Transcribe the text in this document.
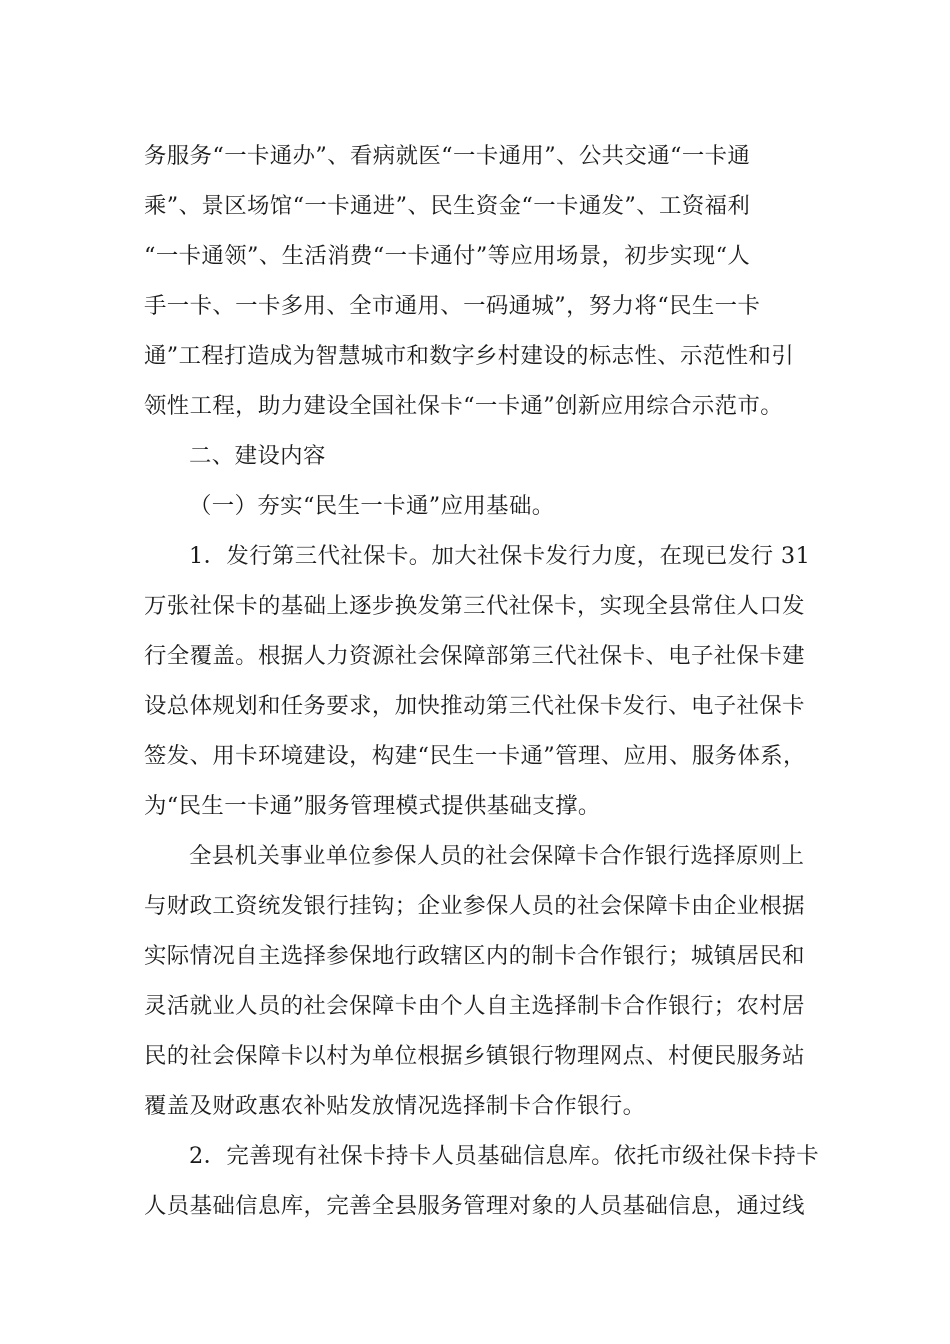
务服务“一卡通办”、看病就医“一卡通用”、公共交通“一卡通
乘”、景区场馆“一卡通进”、民生资金“一卡通发”、工资福利
“一卡通领”、生活消费“一卡通付”等应用场景，初步实现“人
手一卡、一卡多用、全市通用、一码通城”，努力将“民生一卡
通”工程打造成为智慧城市和数字乡村建设的标志性、示范性和引
领性工程，助力建设全国社保卡“一卡通”创新应用综合示范市。
二、建设内容
（一）夯实“民生一卡通”应用基础。
1．发行第三代社保卡。加大社保卡发行力度，在现已发行 31
万张社保卡的基础上逐步换发第三代社保卡，实现全县常住人口发
行全覆盖。根据人力资源社会保障部第三代社保卡、电子社保卡建
设总体规划和任务要求，加快推动第三代社保卡发行、电子社保卡
签发、用卡环境建设，构建“民生一卡通”管理、应用、服务体系，
为“民生一卡通”服务管理模式提供基础支撑。
全县机关事业单位参保人员的社会保障卡合作银行选择原则上
与财政工资统发银行挂钩；企业参保人员的社会保障卡由企业根据
实际情况自主选择参保地行政辖区内的制卡合作银行；城镇居民和
灵活就业人员的社会保障卡由个人自主选择制卡合作银行；农村居
民的社会保障卡以村为单位根据乡镇银行物理网点、村便民服务站
覆盖及财政惠农补贴发放情况选择制卡合作银行。
2．完善现有社保卡持卡人员基础信息库。依托市级社保卡持卡
人员基础信息库，完善全县服务管理对象的人员基础信息，通过线
